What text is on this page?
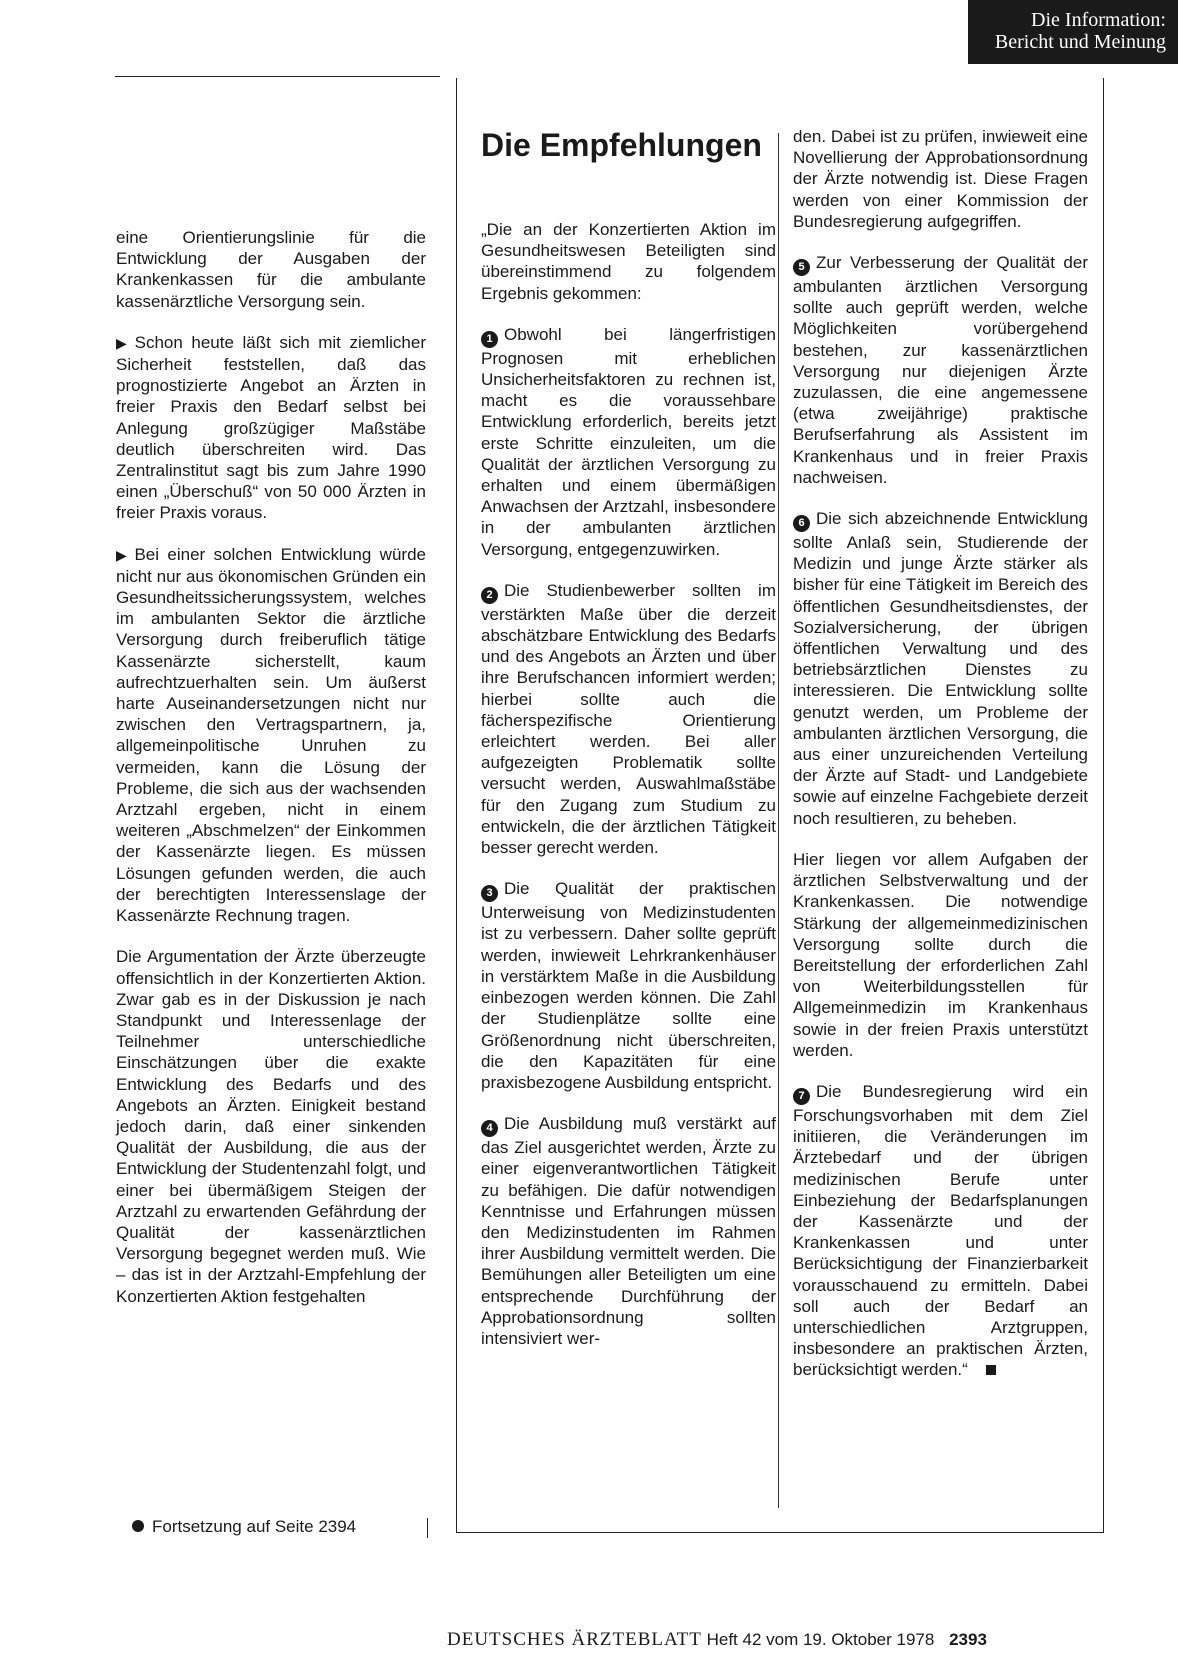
Die Information:
Bericht und Meinung

eine Orientierungslinie für die Entwicklung der Ausgaben der Krankenkassen für die ambulante kassenärztliche Versorgung sein.

▶ Schon heute läßt sich mit ziemlicher Sicherheit feststellen, daß das prognostizierte Angebot an Ärzten in freier Praxis den Bedarf selbst bei Anlegung großzügiger Maßstäbe deutlich überschreiten wird. Das Zentralinstitut sagt bis zum Jahre 1990 einen „Überschuß“ von 50 000 Ärzten in freier Praxis voraus.

▶ Bei einer solchen Entwicklung würde nicht nur aus ökonomischen Gründen ein Gesundheitssicherungssystem, welches im ambulanten Sektor die ärztliche Versorgung durch freiberuflich tätige Kassenärzte sicherstellt, kaum aufrechtzuerhalten sein. Um äußerst harte Auseinandersetzungen nicht nur zwischen den Vertragspartnern, ja, allgemeinpolitische Unruhen zu vermeiden, kann die Lösung der Probleme, die sich aus der wachsenden Arztzahl ergeben, nicht in einem weiteren „Abschmelzen“ der Einkommen der Kassenärzte liegen. Es müssen Lösungen gefunden werden, die auch der berechtigten Interessenslage der Kassenärzte Rechnung tragen.

Die Argumentation der Ärzte überzeugte offensichtlich in der Konzertierten Aktion. Zwar gab es in der Diskussion je nach Standpunkt und Interessenlage der Teilnehmer unterschiedliche Einschätzungen über die exakte Entwicklung des Bedarfs und des Angebots an Ärzten. Einigkeit bestand jedoch darin, daß einer sinkenden Qualität der Ausbildung, die aus der Entwicklung der Studentenzahl folgt, und einer bei übermäßigem Steigen der Arztzahl zu erwartenden Gefährdung der Qualität der kassenärztlichen Versorgung begegnet werden muß. Wie – das ist in der Arztzahl-Empfehlung der Konzertierten Aktion festgehalten

Fortsetzung auf Seite 2394
Die Empfehlungen

„Die an der Konzertierten Aktion im Gesundheitswesen Beteiligten sind übereinstimmend zu folgendem Ergebnis gekommen:

1 Obwohl bei längerfristigen Prognosen mit erheblichen Unsicherheitsfaktoren zu rechnen ist, macht es die voraussehbare Entwicklung erforderlich, bereits jetzt erste Schritte einzuleiten, um die Qualität der ärztlichen Versorgung zu erhalten und einem übermäßigen Anwachsen der Arztzahl, insbesondere in der ambulanten ärztlichen Versorgung, entgegenzuwirken.

2 Die Studienbewerber sollten im verstärkten Maße über die derzeit abschätzbare Entwicklung des Bedarfs und des Angebots an Ärzten und über ihre Berufschancen informiert werden; hierbei sollte auch die fächerspezifische Orientierung erleichtert werden. Bei aller aufgezeigten Problematik sollte versucht werden, Auswahlmaßstäbe für den Zugang zum Studium zu entwickeln, die der ärztlichen Tätigkeit besser gerecht werden.

3 Die Qualität der praktischen Unterweisung von Medizinstudenten ist zu verbessern. Daher sollte geprüft werden, inwieweit Lehrkrankenhäuser in verstärktem Maße in die Ausbildung einbezogen werden können. Die Zahl der Studienplätze sollte eine Größenordnung nicht überschreiten, die den Kapazitäten für eine praxisbezogene Ausbildung entspricht.

4 Die Ausbildung muß verstärkt auf das Ziel ausgerichtet werden, Ärzte zu einer eigenverantwortlichen Tätigkeit zu befähigen. Die dafür notwendigen Kenntnisse und Erfahrungen müssen den Medizinstudenten im Rahmen ihrer Ausbildung vermittelt werden. Die Bemühungen aller Beteiligten um eine entsprechende Durchführung der Approbationsordnung sollten intensiviert wer-

den. Dabei ist zu prüfen, inwieweit eine Novellierung der Approbationsordnung der Ärzte notwendig ist. Diese Fragen werden von einer Kommission der Bundesregierung aufgegriffen.

5 Zur Verbesserung der Qualität der ambulanten ärztlichen Versorgung sollte auch geprüft werden, welche Möglichkeiten vorübergehend bestehen, zur kassenärztlichen Versorgung nur diejenigen Ärzte zuzulassen, die eine angemessene (etwa zweijährige) praktische Berufserfahrung als Assistent im Krankenhaus und in freier Praxis nachweisen.

6 Die sich abzeichnende Entwicklung sollte Anlaß sein, Studierende der Medizin und junge Ärzte stärker als bisher für eine Tätigkeit im Bereich des öffentlichen Gesundheitsdienstes, der Sozialversicherung, der übrigen öffentlichen Verwaltung und des betriebsärztlichen Dienstes zu interessieren. Die Entwicklung sollte genutzt werden, um Probleme der ambulanten ärztlichen Versorgung, die aus einer unzureichenden Verteilung der Ärzte auf Stadt- und Landgebiete sowie auf einzelne Fachgebiete derzeit noch resultieren, zu beheben.

Hier liegen vor allem Aufgaben der ärztlichen Selbstverwaltung und der Krankenkassen. Die notwendige Stärkung der allgemeinmedizinischen Versorgung sollte durch die Bereitstellung der erforderlichen Zahl von Weiterbildungsstellen für Allgemeinmedizin im Krankenhaus sowie in der freien Praxis unterstützt werden.

7 Die Bundesregierung wird ein Forschungsvorhaben mit dem Ziel initiieren, die Veränderungen im Ärztebedarf und der übrigen medizinischen Berufe unter Einbeziehung der Bedarfsplanungen der Kassenärzte und der Krankenkassen und unter Berücksichtigung der Finanzierbarkeit vorausschauend zu ermitteln. Dabei soll auch der Bedarf an unterschiedlichen Arztgruppen, insbesondere an praktischen Ärzten, berücksichtigt werden.“

DEUTSCHES ÄRZTEBLATT Heft 42 vom 19. Oktober 1978 2393
